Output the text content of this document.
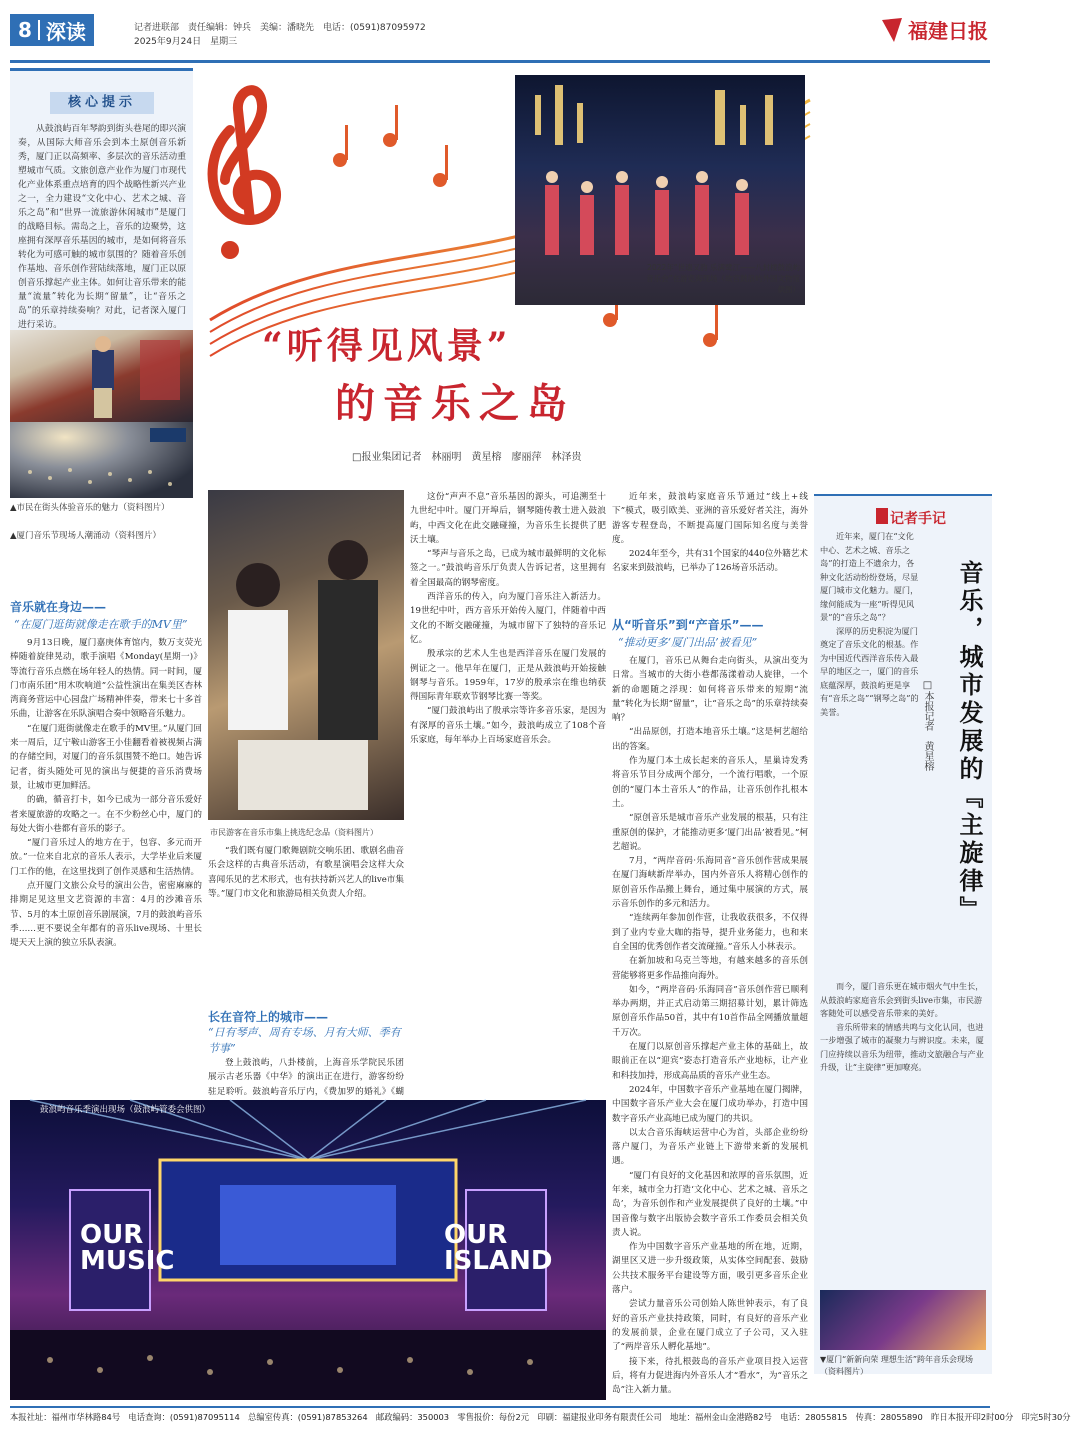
8 深读	记者进联部　责任编辑：钟兵　美编：潘晓先　电话：(0591)87095972
2025年9月24日　星期三	福建日报
核心提示
从鼓浪屿百年琴韵到街头巷尾的即兴演奏，从国际大师音乐会到本土原创音乐新秀，厦门正以高频率、多层次的音乐活动重塑城市气质。文旅创意产业作为厦门市现代化产业体系重点培育的四个战略性新兴产业之一，全力建设“文化中心、艺术之城、音乐之岛”和“世界一流旅游休闲城市”是厦门的战略目标。需岛之上，音乐的边聚势，这座拥有深厚音乐基因的城市，是如何将音乐转化为可感可触的城市氛围的？随着音乐创作基地、音乐创作营陆续落地，厦门正以原创音乐撑起产业主体。如何让音乐带来的能量“流量”转化为长期“留量”，让“音乐之岛”的乐章持续奏响？对此，记者深入厦门进行采访。
▲市民在街头体验音乐的魅力（资料图片）
▲厦门音乐节现场人潮涌动（资料图片）
2022年“世遗又韵 乐满鹭江——八封楼鼓浪屿音乐会”在游览海现场（故宫鼓浪屿外国文物馆供图）
“听得见风景”
的音乐之岛
□报业集团记者　林丽明　黄星榕　廖丽萍　林泽贵
音乐就在身边——
“在厦门逛街就像走在歌手的MV里”

9月13日晚，厦门嘉庚体育馆内，数万支荧光棒随着旋律晃动，歌手演唱《Monday(星期一)》等流行音乐点燃在场年轻人的热情。同一时间，厦门市南乐团“用木吹响道”公益性演出在集美区杏林湾商务营运中心园盘广场精神伴奏，带来七十多首乐曲，让游客在乐队演唱合奏中领略音乐魅力。

“在厦门逛街就像走在歌手的MV里。”从厦门回来一周后，辽宁鞍山游客王小佳翻看着被视频占满的存储空间，对厦门的音乐氛围赞不绝口。她告诉记者，街头随处可见的演出与便捷的音乐消费场景，让城市更加鲜活。

的确，循音打卡，如今已成为一部分音乐爱好者来厦旅游的攻略之一。在不少粉丝心中，厦门的每处大街小巷都有音乐的影子。

“厦门音乐过人的地方在于，包容、多元而开放。”一位来自北京的音乐人表示，大学毕业后来厦门工作的他，在这里找到了创作灵感和生活热情。

点开厦门文旅公众号的演出公告，密密麻麻的排期足见这里文艺资源的丰富：4月的沙滩音乐节、5月的本土原创音乐剧展演，7月的鼓浪屿音乐季……更不要说全年都有的音乐live现场、十里长堤天天上演的独立乐队表演。

市民游客在音乐市集上挑选纪念品（资料图片）

“我们既有厦门歌舞剧院交响乐团、歌剧名曲音乐会这样的古典音乐活动，有歌星演唱会这样大众喜闻乐见的艺术形式，也有扶持新兴艺人的live市集等。”厦门市文化和旅游局相关负责人介绍。

长在音符上的城市——
“日有琴声、周有专场、月有大师、季有节事”

登上鼓浪屿，八卦楼前，上海音乐学院民乐团展示古老乐器《中华》的演出正在进行，游客纷纷驻足聆听。鼓浪屿音乐厅内，《费加罗的婚礼》《蝴

这份“声声不息”音乐基因的源头，可追溯至十九世纪中叶。厦门开埠后，钢琴随传教士进入鼓浪屿，中西文化在此交融碰撞，为音乐生长提供了肥沃土壤。

“琴声与音乐之岛，已成为城市最鲜明的文化标签之一。”鼓浪屿音乐厅负责人告诉记者，这里拥有着全国最高的钢琴密度。

西洋音乐的传入，向为厦门音乐注入新活力。19世纪中叶，西方音乐开始传入厦门，伴随着中西文化的不断交融碰撞，为城市留下了独特的音乐记忆。

殷承宗的艺术人生也是西洋音乐在厦门发展的例证之一。他早年在厦门，正是从鼓浪屿开始接触钢琴与音乐。1959年，17岁的殷承宗在维也纳获得国际青年联欢节钢琴比赛一等奖。

“厦门鼓浪屿出了殷承宗等许多音乐家，是因为有深厚的音乐土壤。”如今，鼓浪屿成立了108个音乐家庭，每年举办上百场家庭音乐会。

近年来，鼓浪屿家庭音乐节通过“线上+线下”模式，吸引欧美、亚洲的音乐爱好者关注，海外游客专程登岛，不断提高厦门国际知名度与美誉度。

2024年至今，共有31个国家的440位外籍艺术名家来到鼓浪屿，已举办了126场音乐活动。

从“听音乐”到“产音乐”——
“推动更多‘厦门出品’被看见”

在厦门，音乐已从舞台走向街头，从演出变为日常。当城市的大街小巷都荡漾着动人旋律，一个新的命题随之浮现：如何将音乐带来的短期“流量”转化为长期“留量”，让“音乐之岛”的乐章持续奏响？

“出品原创，打造本地音乐土壤。”这是柯艺超给出的答案。

作为厦门本土成长起来的音乐人，星巢诗发秀将音乐节目分成两个部分，一个流行唱歌，一个原创的“厦门本土音乐人”的作品，让音乐创作扎根本土。

“原创音乐是城市音乐产业发展的根基，只有注重原创的保护，才能推动更多‘厦门出品’被看见。”柯艺超说。

7月，“两岸音码·乐海同音”音乐创作营成果展在厦门海峡新岸举办，国内外音乐人将精心创作的原创音乐作品搬上舞台，通过集中展演的方式，展示音乐创作的多元和活力。

“连续两年参加创作营，让我收获很多，不仅得到了业内专业大咖的指导，提升业务能力，也和来自全国的优秀创作者交流碰撞。”音乐人小林表示。

在新加坡和乌克兰等地，有越来越多的音乐创营能够将更多作品推向海外。

如今，“两岸音码·乐海同音”音乐创作营已顺利举办两期，并正式启动第三期招募计划，累计筛选原创音乐作品50首，其中有10首作品全网播放量超千万次。

在厦门以原创音乐撑起产业主体的基础上，故眼前正在以“迎宾”姿态打造音乐产业地标，让产业和科技加持，形成高品质的音乐产业生态。

2024年，中国数字音乐产业基地在厦门揭牌，中国数字音乐产业大会在厦门成功举办，打造中国数字音乐产业高地已成为厦门的共识。

以太合音乐海峡运营中心为首，头部企业纷纷落户厦门，为音乐产业链上下游带来新的发展机遇。

“厦门有良好的文化基因和浓厚的音乐氛围，近年来，城市全力打造‘文化中心、艺术之城、音乐之岛’，为音乐创作和产业发展提供了良好的土壤。”中国音像与数字出版协会数字音乐工作委员会相关负责人说。

作为中国数字音乐产业基地的所在地，近期，湖里区又进一步升级政策，从实体空间配套、鼓励公共技术服务平台建设等方面，吸引更多音乐企业落户。

尝试力量音乐公司创始人陈世钟表示，有了良好的音乐产业扶持政策，同时，有良好的音乐产业的发展前景，企业在厦门成立了子公司，又入驻了“两岸音乐人孵化基地”。

接下来，待扎根鼓岛的音乐产业项目投入运营后，将有力促进海内外音乐人才“看水”，为“音乐之岛”注入新力量。

OUR MUSIC
OUR ISLAND
鼓浪屿音乐季演出现场（鼓浪屿管委会供图）
记者手记
音乐，城市发展的『主旋律』
□本报记者　黄星榕

近年来，厦门在“文化中心、艺术之城、音乐之岛”的打造上不遗余力，各种文化活动纷纷登场，尽显厦门城市文化魅力。厦门，缘何能成为一座“听得见风景”的“音乐之岛”？

深厚的历史积淀为厦门奠定了音乐文化的根基。作为中国近代西洋音乐传入最早的地区之一，厦门的音乐底蕴深厚，鼓浪屿更是享有“音乐之岛”“钢琴之岛”的美誉。

而今，厦门音乐更在城市烟火气中生长，从鼓浪屿家庭音乐会到街头live市集，市民游客随处可以感受音乐带来的美好。

音乐所带来的情感共鸣与文化认同，也进一步增强了城市的凝聚力与辨识度。未来，厦门应持续以音乐为纽带，推动文旅融合与产业升级，让“主旋律”更加嘹亮。

▼厦门“新新向荣 理想生活”跨年音乐会现场（资料图片）
本报社址：福州市华林路84号　电话查询：(0591)87095114　总编室传真：(0591)87853264　邮政编码：350003　零售报价：每份2元　印刷：福建报业印务有限责任公司　地址：福州金山金港路82号　电话：28055815　传真：28055890　昨日本报开印2时00分　印完5时30分
